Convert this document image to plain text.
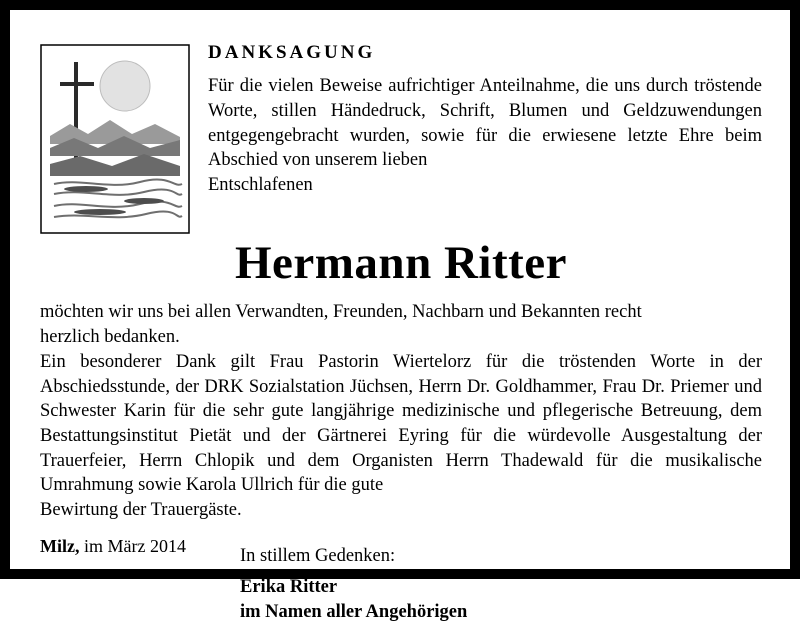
DANKSAGUNG
Für die vielen Beweise aufrichtiger Anteilnahme, die uns durch tröstende Worte, stillen Händedruck, Schrift, Blumen und Geldzuwendungen entgegengebracht wurden, sowie für die erwiesene letzte Ehre beim Abschied von unserem lieben
Entschlafenen
Hermann Ritter

möchten wir uns bei allen Verwandten, Freunden, Nachbarn und Bekannten recht
herzlich bedanken.

Ein besonderer Dank gilt Frau Pastorin Wiertelorz für die tröstenden Worte in der Abschiedsstunde, der DRK Sozialstation Jüchsen, Herrn Dr. Goldhammer, Frau Dr. Priemer und Schwester Karin für die sehr gute langjährige medizinische und pflegerische Betreuung, dem Bestattungsinstitut Pietät und der Gärtnerei Eyring für die würdevolle Ausgestaltung der Trauerfeier, Herrn Chlopik und dem Organisten Herrn Thadewald für die musikalische Umrahmung sowie Karola Ullrich für die gute
Bewirtung der Trauergäste.

In stillem Gedenken:
Erika Ritter
im Namen aller Angehörigen
Milz, im März 2014
